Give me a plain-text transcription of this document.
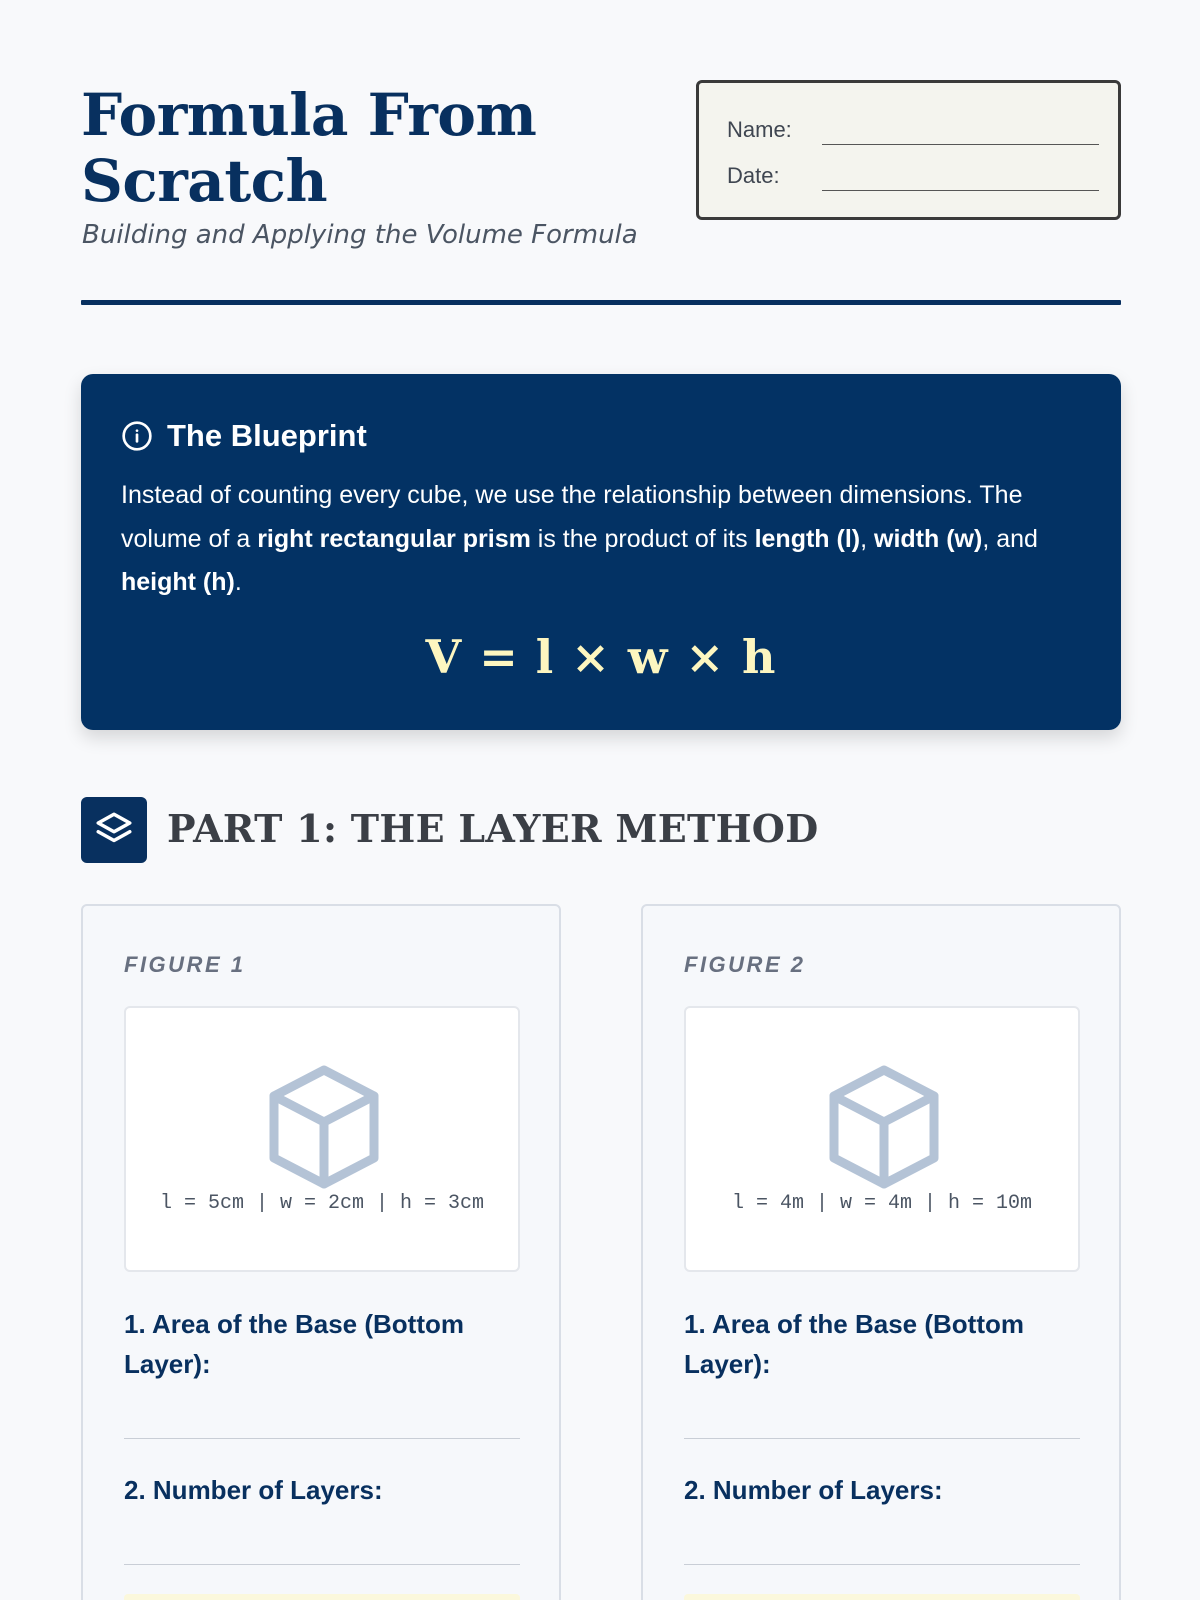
Formula From Scratch
Building and Applying the Volume Formula
Name:
Date:
The Blueprint

Instead of counting every cube, we use the relationship between dimensions. The volume of a right rectangular prism is the product of its length (l), width (w), and height (h).

V = l × w × h
PART 1: THE LAYER METHOD
FIGURE 1
l = 5cm | w = 2cm | h = 3cm
1. Area of the Base (Bottom Layer):
2. Number of Layers:
FIGURE 2
l = 4m | w = 4m | h = 10m
1. Area of the Base (Bottom Layer):
2. Number of Layers:
